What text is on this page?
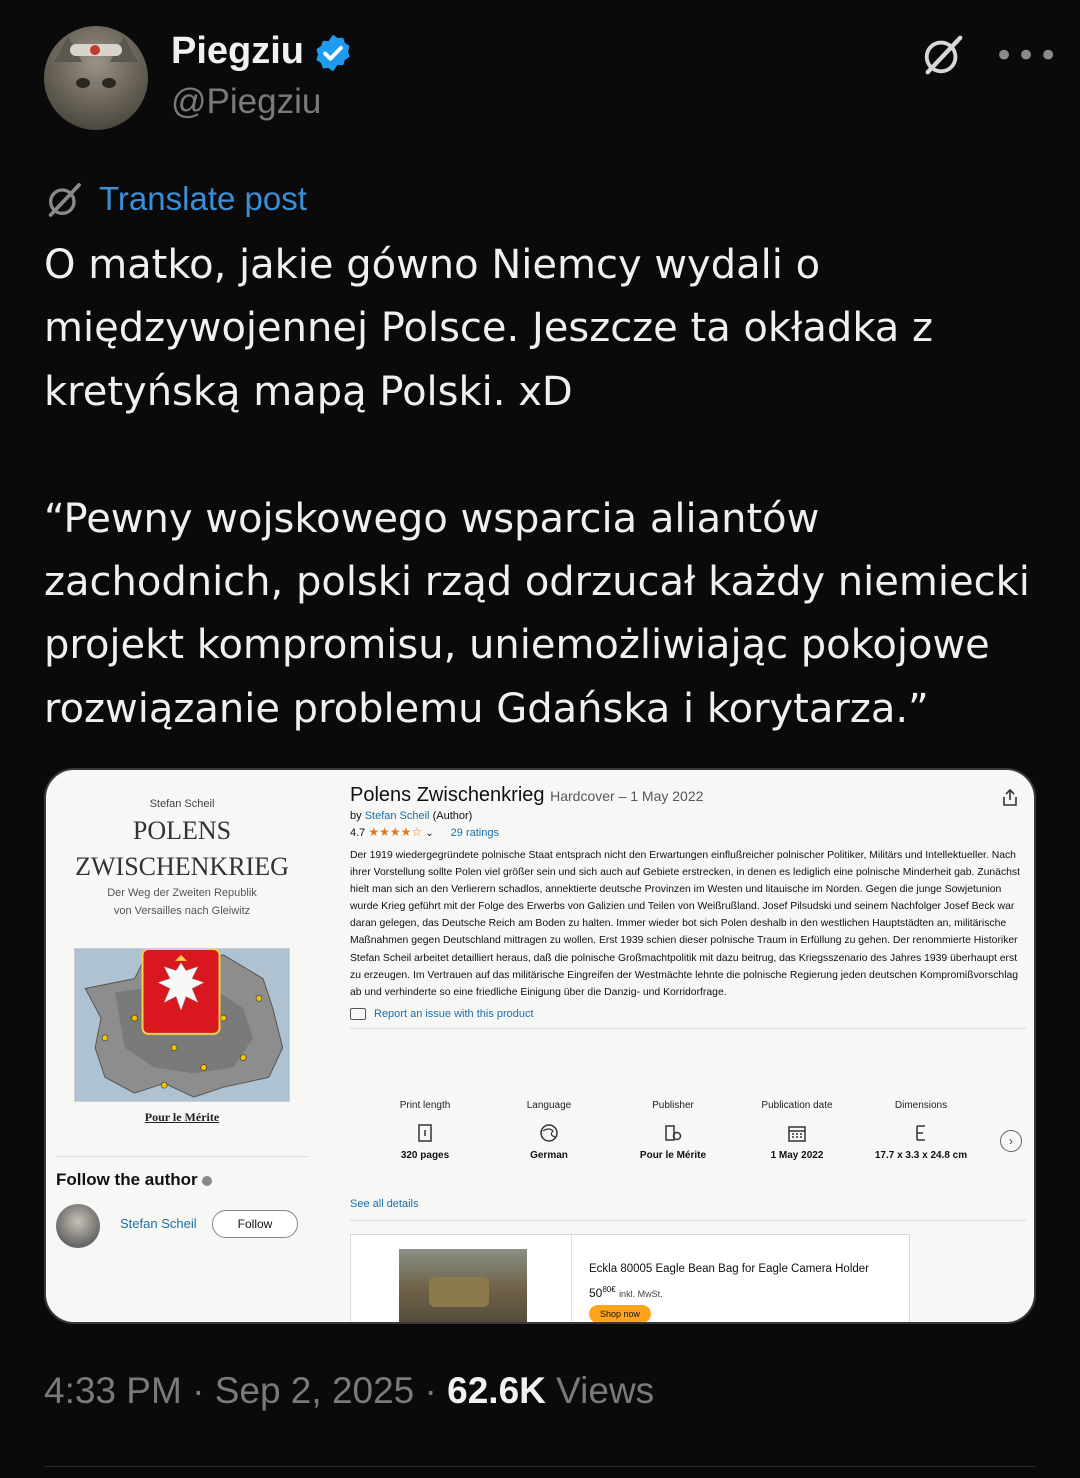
Piegziu
@Piegziu
•••
Translate post

O matko, jakie gówno Niemcy wydali o

międzywojennej Polsce. Jeszcze ta okładka z

kretyńską mapą Polski. xD

“Pewny wojskowego wsparcia aliantów

zachodnich, polski rząd odrzucał każdy niemiecki

projekt kompromisu, uniemożliwiając pokojowe

rozwiązanie problemu Gdańska i korytarza.”

Stefan Scheil
POLENS
ZWISCHENKRIEG
Der Weg der Zweiten Republik
von Versailles nach Gleiwitz
Pour le Mérite
Follow the author
Stefan Scheil	Follow
Polens Zwischenkrieg Hardcover – 1 May 2022
by Stefan Scheil (Author)
4.7 ★★★★☆ ⌄ 29 ratings
Der 1919 wiedergegründete polnische Staat entsprach nicht den Erwartungen einflußreicher polnischer Politiker, Militärs und Intellektueller. Nach ihrer Vorstellung sollte Polen viel größer sein und sich auch auf Gebiete erstrecken, in denen es lediglich eine polnische Minderheit gab. Zunächst hielt man sich an den Verlierern schadlos, annektierte deutsche Provinzen im Westen und litauische im Norden. Gegen die junge Sowjetunion wurde Krieg geführt mit der Folge des Erwerbs von Galizien und Teilen von Weißrußland. Josef Pilsudski und seinem Nachfolger Josef Beck war daran gelegen, das Deutsche Reich am Boden zu halten. Immer wieder bot sich Polen deshalb in den westlichen Hauptstädten an, militärische Maßnahmen gegen Deutschland mittragen zu wollen. Erst 1939 schien dieser polnische Traum in Erfüllung zu gehen. Der renommierte Historiker Stefan Scheil arbeitet detailliert heraus, daß die polnische Großmachtpolitik mit dazu beitrug, das Kriegsszenario des Jahres 1939 überhaupt erst zu erzeugen. Im Vertrauen auf das militärische Eingreifen der Westmächte lehnte die polnische Regierung jeden deutschen Kompromißvorschlag ab und verhinderte so eine friedliche Einigung über die Danzig- und Korridorfrage.
Report an issue with this product
Print length
320 pages
Language
German
Publisher
Pour le Mérite
Publication date
1 May 2022
Dimensions
17.7 x 3.3 x 24.8 cm
›
See all details
Eckla 80005 Eagle Bean Bag for Eagle Camera Holder
$50^{80€}$ inkl. MwSt.
Shop now
4:33 PM · Sep 2, 2025 · 62.6K Views
